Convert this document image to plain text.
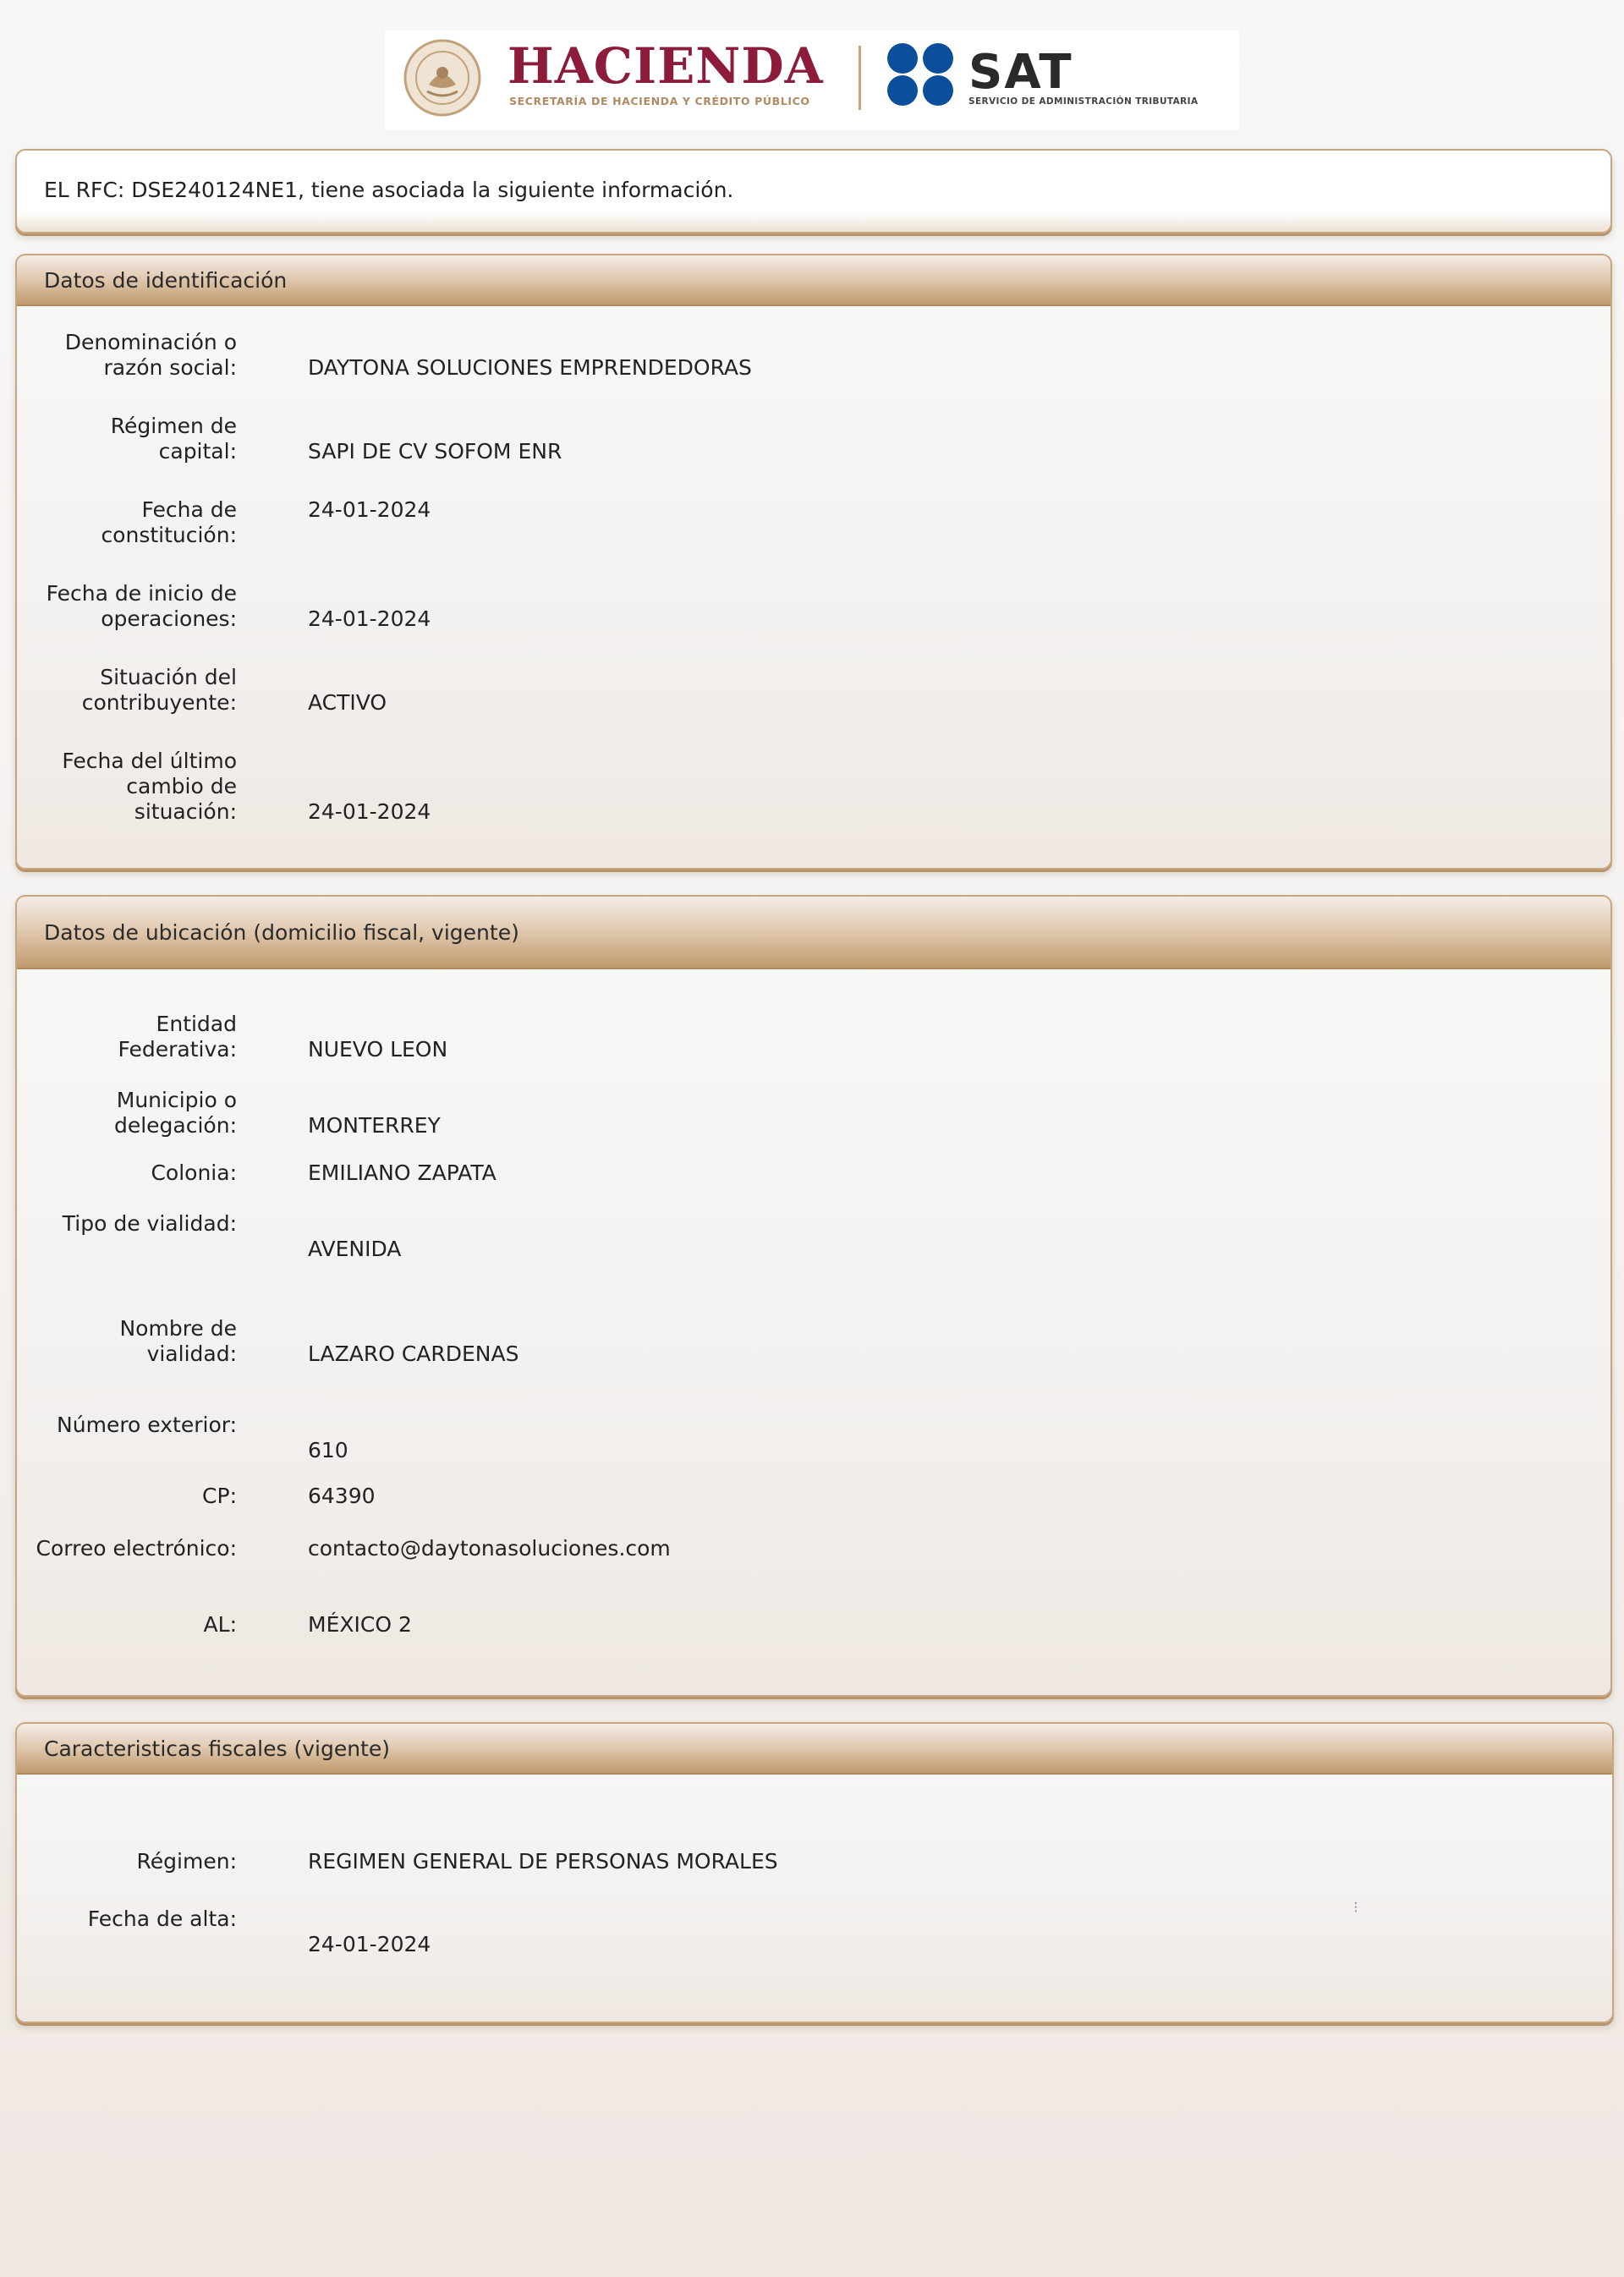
HACIENDA
SECRETARÍA DE HACIENDA Y CRÉDITO PÚBLICO
SAT
SERVICIO DE ADMINISTRACIÓN TRIBUTARIA
EL RFC: DSE240124NE1, tiene asociada la siguiente información.
Datos de identificación
Denominación o razón social:	DAYTONA SOLUCIONES EMPRENDEDORAS
Régimen de capital:	SAPI DE CV SOFOM ENR
Fecha de constitución:
24-01-2024
Fecha de inicio de operaciones:	24-01-2024
Situación del contribuyente:	ACTIVO
Fecha del último cambio de situación:	24-01-2024
Datos de ubicación (domicilio fiscal, vigente)
Entidad Federativa:	NUEVO LEON
Municipio o delegación:	MONTERREY
Colonia:	EMILIANO ZAPATA
Tipo de vialidad:
AVENIDA
Nombre de vialidad:	LAZARO CARDENAS
Número exterior:
610
CP:	64390
Correo electrónico:	contacto@daytonasoluciones.com
AL:	MÉXICO 2
Caracteristicas fiscales (vigente)
Régimen:	REGIMEN GENERAL DE PERSONAS MORALES
Fecha de alta:
24-01-2024
⋮
